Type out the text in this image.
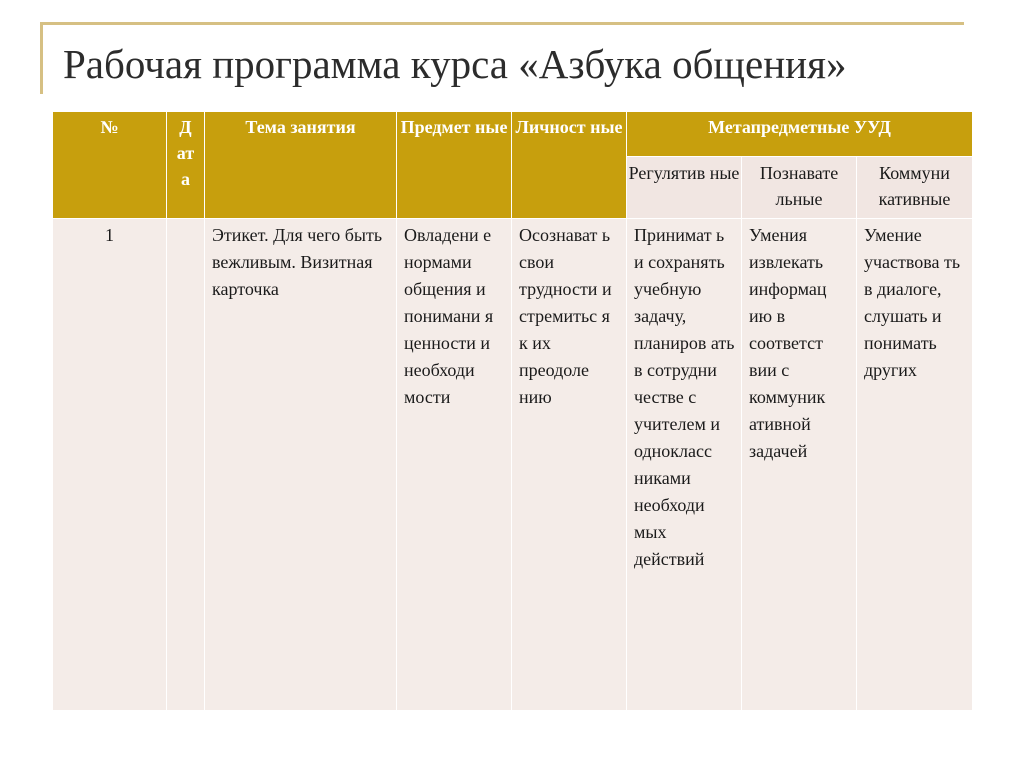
Рабочая программа курса «Азбука общения»
№	Д ат а	Тема занятия	Предмет ные	Личност ные	Метапредметные УУД		
					Регулятив ные	Познавате льные	Коммуни кативные
1		Этикет. Для чего быть вежливым. Визитная карточка	Овладени е нормами общения и понимани я ценности и необходи мости	Осознават ь свои трудности и стремитьс я к их преодоле нию	Принимат ь и сохранять учебную задачу, планиров ать в сотрудни честве с учителем и однокласс никами необходи мых действий	Умения извлекать информац ию в соответст вии с коммуник ативной задачей	Умение участвова ть в диалоге, слушать и понимать других
